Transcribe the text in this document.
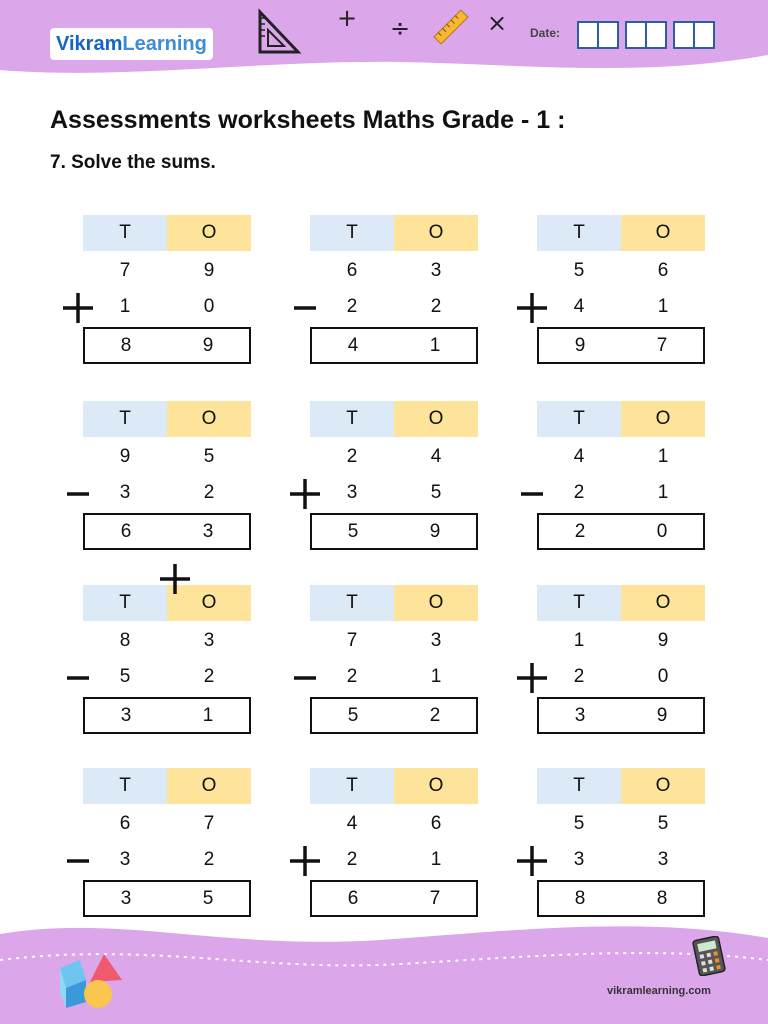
Vikram Learning
+ ÷	× Date:
Assessments worksheets Maths Grade - 1 :
7. Solve the sums.
T	O
7	9
1	0
8	9
T	O
6	3
2	2
4	1
T	O
5	6
4	1
9	7
T	O
9	5
3	2
6	3
T	O
2	4
3	5
5	9
T	O
4	1
2	1
2	0
T	O
8	3
5	2
3	1
T	O
7	3
2	1
5	2
T	O
1	9
2	0
3	9
T	O
6	7
3	2
3	5
T	O
4	6
2	1
6	7
T	O
5	5
3	3
8	8
vikramlearning.com
